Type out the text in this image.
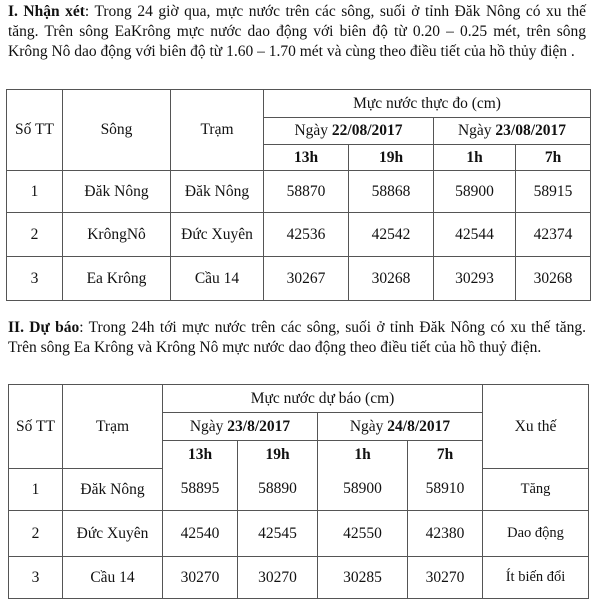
I. Nhận xét: Trong 24 giờ qua, mực nước trên các sông, suối ở tỉnh Đăk Nông có xu thế tăng. Trên sông EaKrông mực nước dao động với biên độ từ 0.20 – 0.25 mét, trên sông Krông Nô dao động với biên độ từ 1.60 – 1.70 mét và cùng theo điều tiết của hồ thủy điện .

Số TT	Sông	Trạm	Mực nước thực đo (cm)			
			Ngày 22/08/2017		Ngày 23/08/2017	
			13h	19h	1h	7h
1	Đăk Nông	Đăk Nông	58870	58868	58900	58915
2	KrôngNô	Đức Xuyên	42536	42542	42544	42374
3	Ea Krông	Cầu 14	30267	30268	30293	30268

II. Dự báo: Trong 24h tới mực nước trên các sông, suối ở tỉnh Đăk Nông có xu thế tăng. Trên sông Ea Krông và Krông Nô mực nước dao động theo điều tiết của hồ thuỷ điện.

Số TT	Trạm	Mực nước dự báo (cm)				Xu thế
		Ngày 23/8/2017		Ngày 24/8/2017		
		13h	19h	1h	7h	
1	Đăk Nông	58895	58890	58900	58910	Tăng
2	Đức Xuyên	42540	42545	42550	42380	Dao động
3	Cầu 14	30270	30270	30285	30270	Ít biến đổi
